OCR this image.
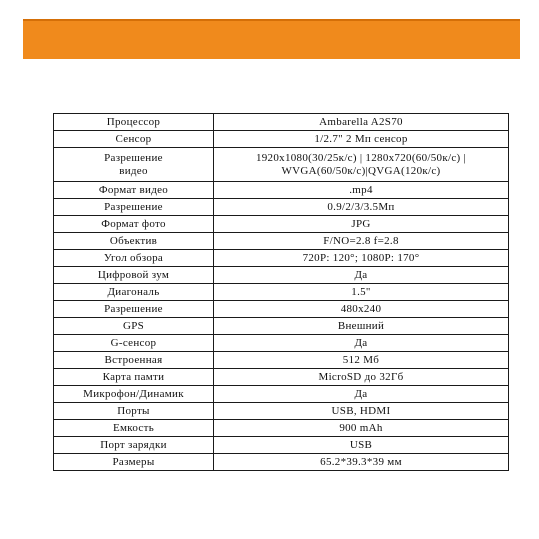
Процессор	Ambarella A2S70

Сенсор	1/2.7" 2 Мп сенсор

Разрешение
видео	1920x1080(30/25к/с) | 1280x720(60/50к/с) |
WVGA(60/50к/с)|QVGA(120к/с)

Формат видео	.mp4

Разрешение	0.9/2/3/3.5Мп

Формат фото	JPG

Объектив	F/NO=2.8 f=2.8

Угол обзора	720P: 120°; 1080P: 170°

Цифровой зум	Да

Диагональ	1.5"

Разрешение	480x240

GPS	Внешний

G-сенсор	Да

Встроенная	512 Мб

Карта памти	MicroSD до 32Гб

Микрофон/Динамик	Да

Порты	USB, HDMI

Емкость	900 mAh

Порт зарядки	USB

Размеры	65.2*39.3*39 мм
